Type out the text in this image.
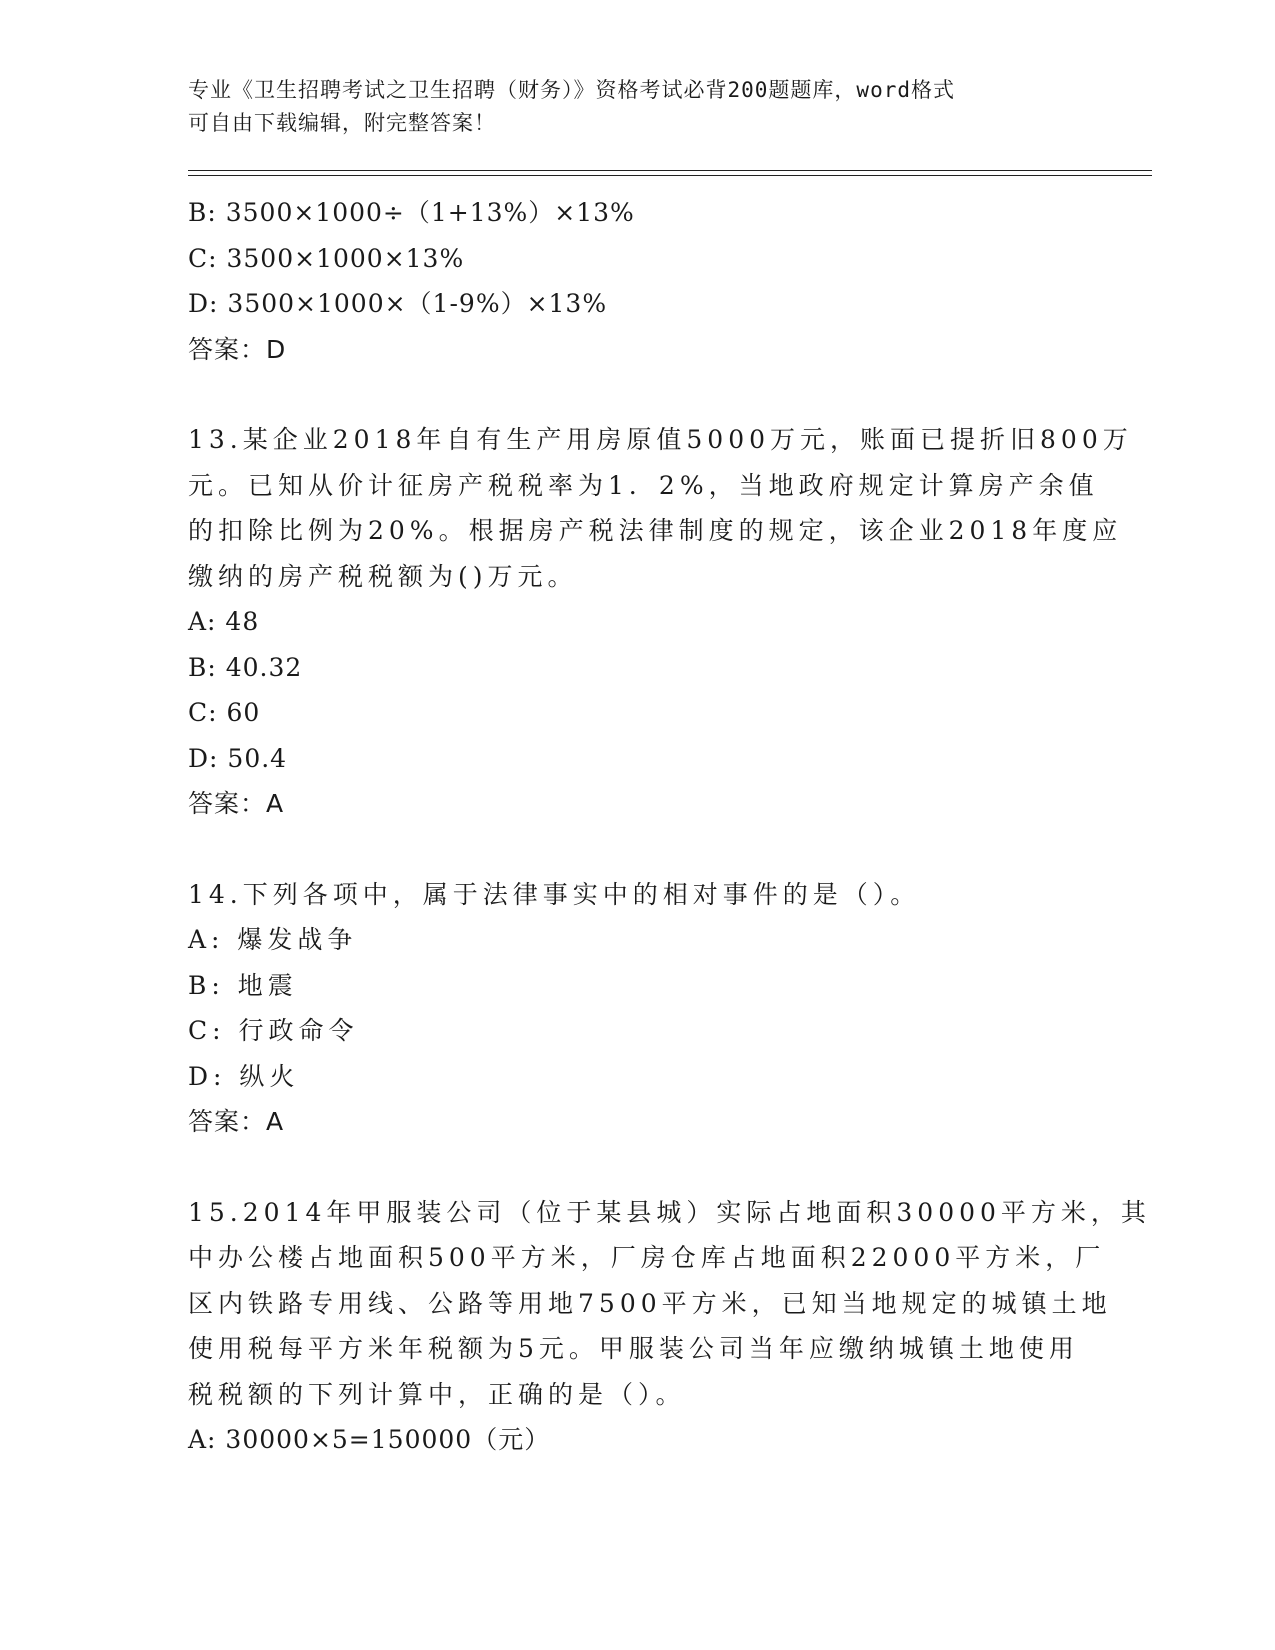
专业《卫生招聘考试之卫生招聘（财务）》资格考试必背200题题库，word格式
可自由下载编辑，附完整答案！
B: 3500×1000÷（1+13%）×13%
C: 3500×1000×13%
D: 3500×1000×（1-9%）×13%
答案：D
13.某企业2018年自有生产用房原值5000万元，账面已提折旧800万
元。已知从价计征房产税税率为1．2%，当地政府规定计算房产余值
的扣除比例为20%。根据房产税法律制度的规定，该企业2018年度应
缴纳的房产税税额为()万元。
A: 48
B: 40.32
C: 60
D: 50.4
答案：A
14.下列各项中，属于法律事实中的相对事件的是（）。
A: 爆发战争
B: 地震
C: 行政命令
D: 纵火
答案：A
15.2014年甲服装公司（位于某县城）实际占地面积30000平方米，其
中办公楼占地面积500平方米，厂房仓库占地面积22000平方米，厂
区内铁路专用线、公路等用地7500平方米，已知当地规定的城镇土地
使用税每平方米年税额为5元。甲服装公司当年应缴纳城镇土地使用
税税额的下列计算中，正确的是（）。
A: 30000×5=150000（元）
